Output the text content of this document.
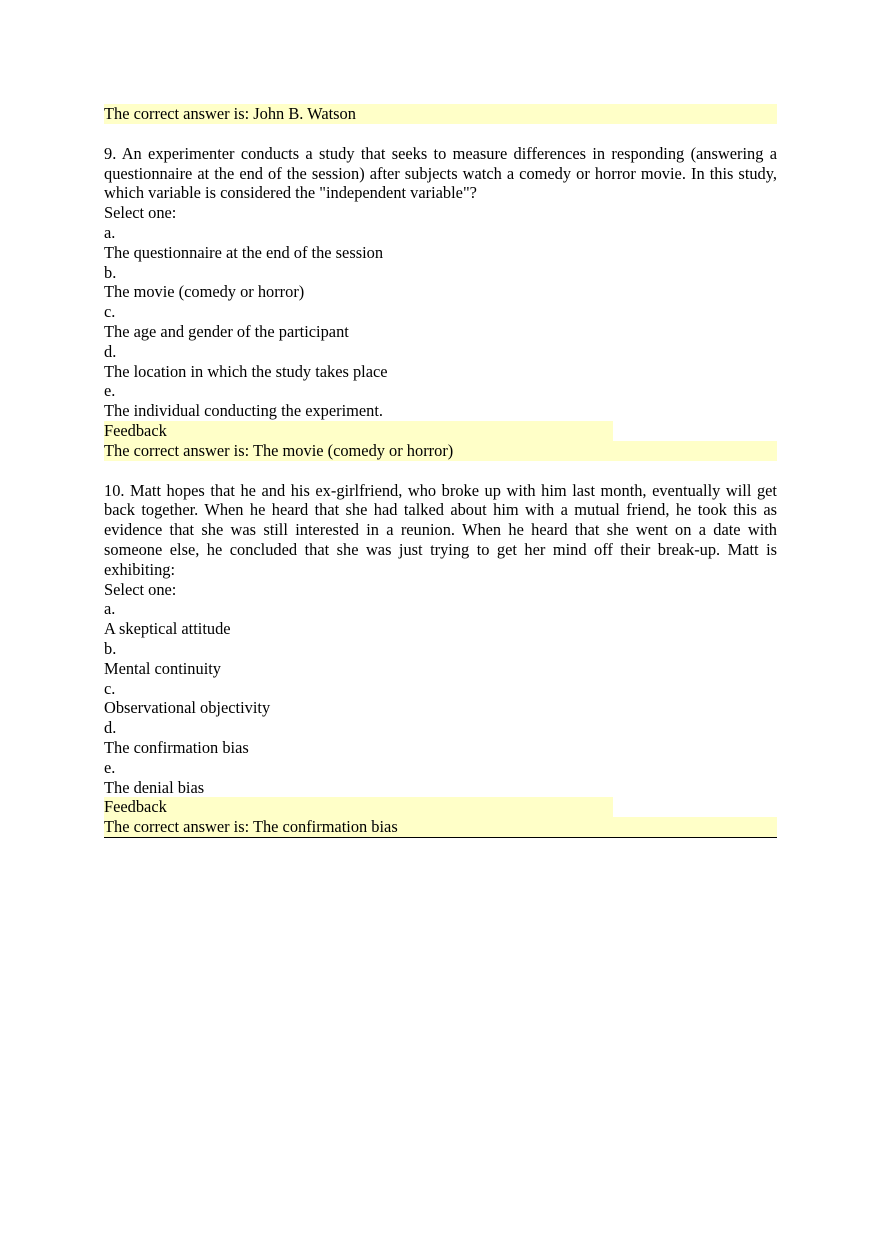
The correct answer is: John B. Watson
9. An experimenter conducts a study that seeks to measure differences in responding (answering a questionnaire at the end of the session) after subjects watch a comedy or horror movie. In this study, which variable is considered the "independent variable"?
Select one:
a.
The questionnaire at the end of the session
b.
The movie (comedy or horror)
c.
The age and gender of the participant
d.
The location in which the study takes place
e.
The individual conducting the experiment.
Feedback
The correct answer is: The movie (comedy or horror)
10. Matt hopes that he and his ex-girlfriend, who broke up with him last month, eventually will get back together. When he heard that she had talked about him with a mutual friend, he took this as evidence that she was still interested in a reunion. When he heard that she went on a date with someone else, he concluded that she was just trying to get her mind off their break-up. Matt is exhibiting:
Select one:
a.
A skeptical attitude
b.
Mental continuity
c.
Observational objectivity
d.
The confirmation bias
e.
The denial bias
Feedback
The correct answer is: The confirmation bias
